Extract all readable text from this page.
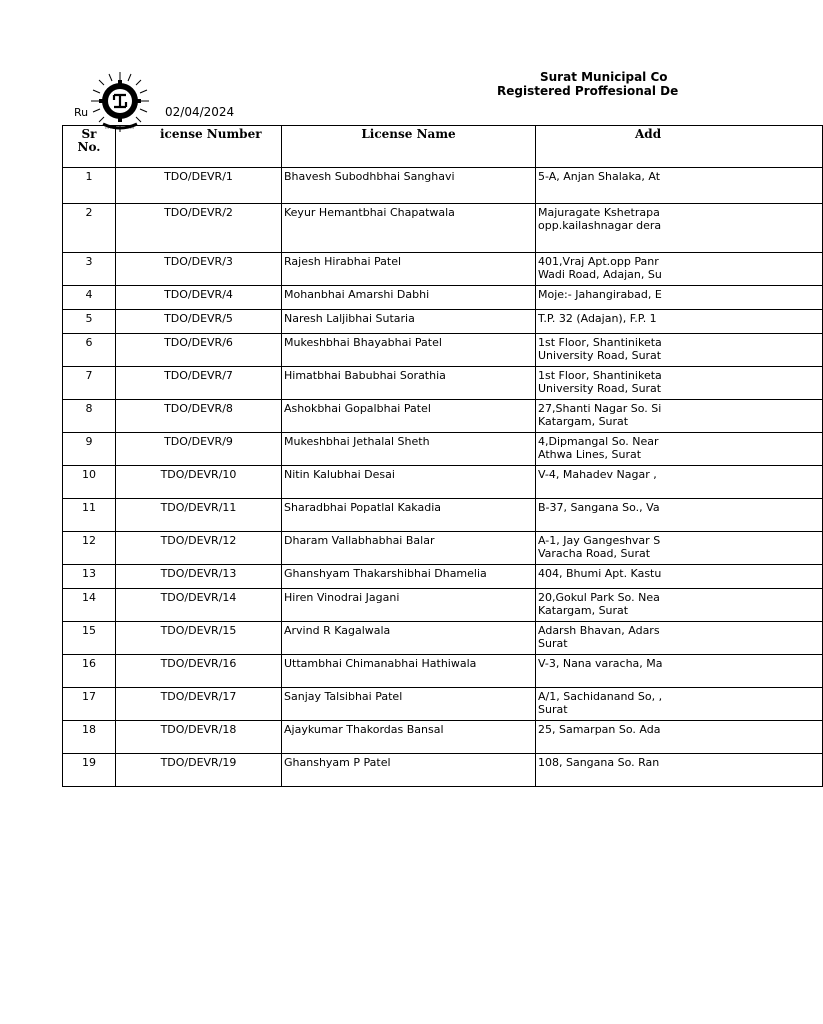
Surat Municipal Co
Registered Proffesional De
Ru	02/04/2024
Sr No.	icense Number	License Name	Add
1	TDO/DEVR/1	Bhavesh Subodhbhai Sanghavi	5-A, Anjan Shalaka, At
2	TDO/DEVR/2	Keyur Hemantbhai Chapatwala	Majuragate Kshetrapa
opp.kailashnagar dera
3	TDO/DEVR/3	Rajesh Hirabhai Patel	401,Vraj Apt.opp Panr
Wadi Road, Adajan, Su
4	TDO/DEVR/4	Mohanbhai Amarshi Dabhi	Moje:- Jahangirabad, E
5	TDO/DEVR/5	Naresh Laljibhai Sutaria	T.P. 32 (Adajan), F.P. 1
6	TDO/DEVR/6	Mukeshbhai Bhayabhai Patel	1st Floor, Shantiniketa
University Road, Surat
7	TDO/DEVR/7	Himatbhai Babubhai Sorathia	1st Floor, Shantiniketa
University Road, Surat
8	TDO/DEVR/8	Ashokbhai Gopalbhai Patel	27,Shanti Nagar So. Si
Katargam, Surat
9	TDO/DEVR/9	Mukeshbhai Jethalal Sheth	4,Dipmangal So. Near
Athwa Lines, Surat
10	TDO/DEVR/10	Nitin Kalubhai Desai	V-4, Mahadev Nagar ,
11	TDO/DEVR/11	Sharadbhai Popatlal Kakadia	B-37, Sangana So., Va
12	TDO/DEVR/12	Dharam Vallabhabhai Balar	A-1, Jay Gangeshvar S
Varacha Road, Surat
13	TDO/DEVR/13	Ghanshyam Thakarshibhai Dhamelia	404, Bhumi Apt. Kastu
14	TDO/DEVR/14	Hiren Vinodrai Jagani	20,Gokul Park So. Nea
Katargam, Surat
15	TDO/DEVR/15	Arvind R Kagalwala	Adarsh Bhavan, Adars
Surat
16	TDO/DEVR/16	Uttambhai Chimanabhai Hathiwala	V-3, Nana varacha, Ma
17	TDO/DEVR/17	Sanjay Talsibhai Patel	A/1, Sachidanand So, ,
Surat
18	TDO/DEVR/18	Ajaykumar Thakordas Bansal	25, Samarpan So. Ada
19	TDO/DEVR/19	Ghanshyam P Patel	108, Sangana So. Ran
